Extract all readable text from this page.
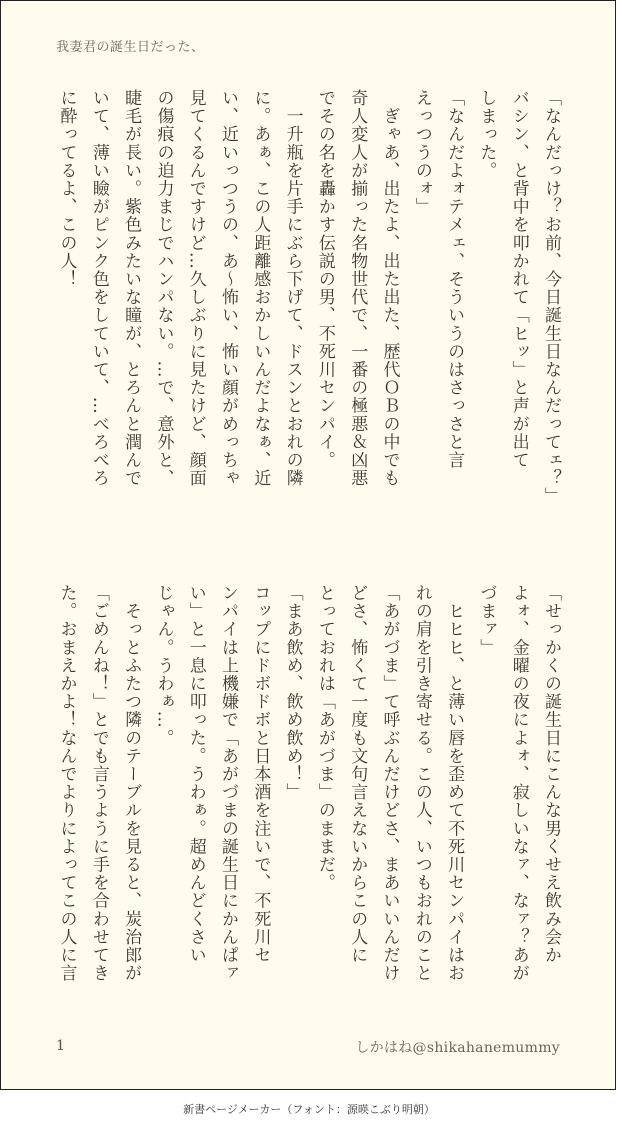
我妻君の誕生日だった、

「なんだっけ？お前、今日誕生日なんだってェ？」

バシン、と背中を叩かれて「ヒッ」と声が出て

しまった。

「なんだよォテメェ、そういうのはさっさと言

えっつうのォ」

　ぎゃあ、出たよ、出た出た、歴代ＯＢの中でも

奇人変人が揃った名物世代で、一番の極悪＆凶悪

でその名を轟かす伝説の男、不死川センパイ。

　一升瓶を片手にぶら下げて、ドスンとおれの隣

に。あぁ、この人距離感おかしいんだよなぁ、近

い、近いっつうの、あ〜怖い、怖い顔がめっちゃ

見てくるんですけど…久しぶりに見たけど、顔面

の傷痕の迫力まじでハンパない。…で、意外と、

睫毛が長い。紫色みたいな瞳が、とろんと潤んで

いて、薄い瞼がピンク色をしていて、…べろべろ

に酔ってるよ、この人！

「せっかくの誕生日にこんな男くせえ飲み会か

よォ、金曜の夜によォ、寂しいなァ、なァ？あが

づまァ」

　ヒヒヒ、と薄い唇を歪めて不死川センパイはお

れの肩を引き寄せる。この人、いつもおれのこと

「あがづま」て呼ぶんだけどさ、まあいいんだけ

どさ、怖くて一度も文句言えないからこの人に

とっておれは「あがづま」のままだ。

「まあ飲め、飲め飲め！」

コップにドボドボと日本酒を注いで、不死川セ

ンパイは上機嫌で「あがづまの誕生日にかんぱァ

い」と一息に叩った。うわぁ。超めんどくさい

じゃん。うわぁ…。

　そっとふたつ隣のテーブルを見ると、炭治郎が

「ごめんね！」とでも言うように手を合わせてき

た。おまえかよ！なんでよりによってこの人に言

1	しかはね@shikahanemummy
新書ページメーカー（フォント：源暎こぶり明朝）
